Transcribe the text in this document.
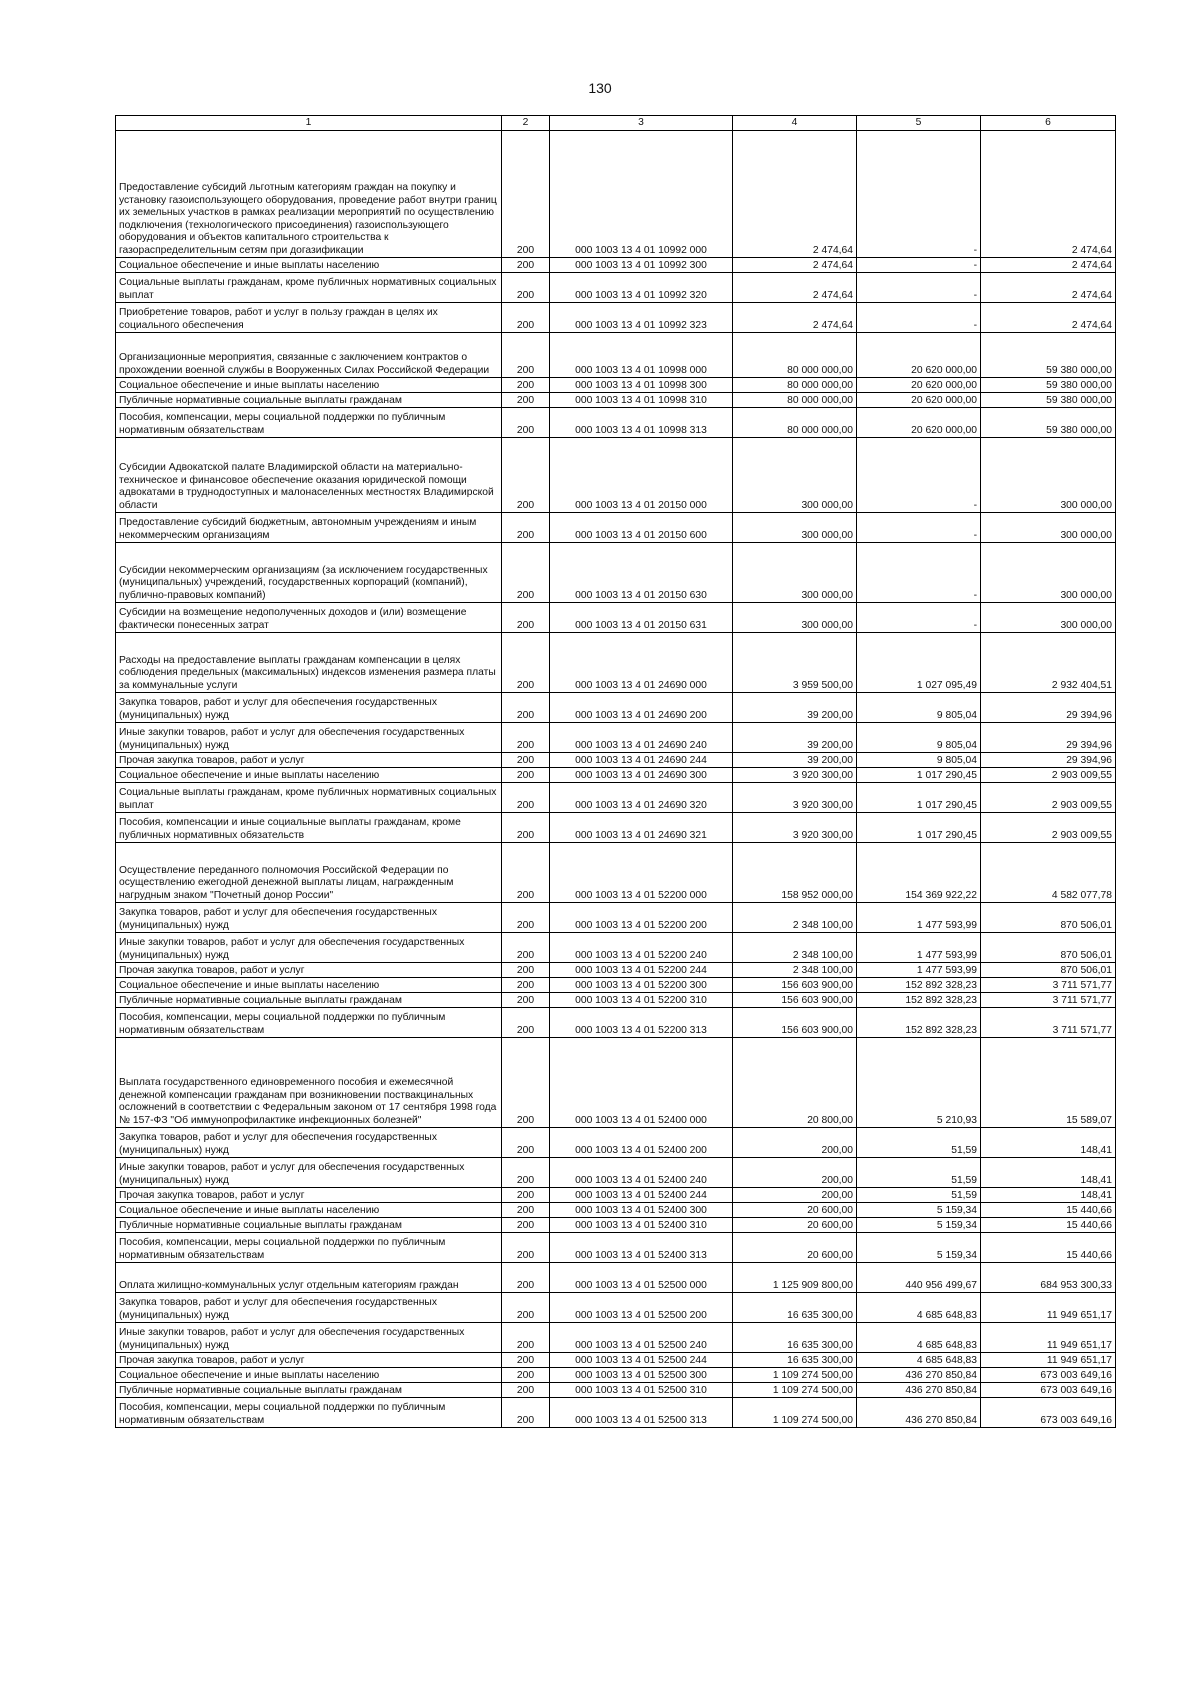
130
1	2	3	4	5	6
Предоставление субсидий льготным категориям граждан на покупку и установку газоиспользующего оборудования, проведение работ внутри границ их земельных участков в рамках реализации мероприятий по осуществлению подключения (технологического присоединения) газоиспользующего оборудования и объектов капитального строительства к газораспределительным сетям при догазификации	200	000 1003 13 4 01 10992 000	2 474,64	-	2 474,64
Социальное обеспечение и иные выплаты населению	200	000 1003 13 4 01 10992 300	2 474,64	-	2 474,64
Социальные выплаты гражданам, кроме публичных нормативных социальных выплат	200	000 1003 13 4 01 10992 320	2 474,64	-	2 474,64
Приобретение товаров, работ и услуг в пользу граждан в целях их социального обеспечения	200	000 1003 13 4 01 10992 323	2 474,64	-	2 474,64
Организационные мероприятия, связанные с заключением контрактов о прохождении военной службы в Вооруженных Силах Российской Федерации	200	000 1003 13 4 01 10998 000	80 000 000,00	20 620 000,00	59 380 000,00
Социальное обеспечение и иные выплаты населению	200	000 1003 13 4 01 10998 300	80 000 000,00	20 620 000,00	59 380 000,00
Публичные нормативные социальные выплаты гражданам	200	000 1003 13 4 01 10998 310	80 000 000,00	20 620 000,00	59 380 000,00
Пособия, компенсации, меры социальной поддержки по публичным нормативным обязательствам	200	000 1003 13 4 01 10998 313	80 000 000,00	20 620 000,00	59 380 000,00
Субсидии Адвокатской палате Владимирской области на материально-техническое и финансовое обеспечение оказания юридической помощи адвокатами в труднодоступных и малонаселенных местностях Владимирской области	200	000 1003 13 4 01 20150 000	300 000,00	-	300 000,00
Предоставление субсидий бюджетным, автономным учреждениям и иным некоммерческим организациям	200	000 1003 13 4 01 20150 600	300 000,00	-	300 000,00
Субсидии некоммерческим организациям (за исключением государственных (муниципальных) учреждений, государственных корпораций (компаний), публично-правовых компаний)	200	000 1003 13 4 01 20150 630	300 000,00	-	300 000,00
Субсидии на возмещение недополученных доходов и (или) возмещение фактически понесенных затрат	200	000 1003 13 4 01 20150 631	300 000,00	-	300 000,00
Расходы на предоставление выплаты гражданам компенсации в целях соблюдения предельных (максимальных) индексов изменения размера платы за коммунальные услуги	200	000 1003 13 4 01 24690 000	3 959 500,00	1 027 095,49	2 932 404,51
Закупка товаров, работ и услуг для обеспечения государственных (муниципальных) нужд	200	000 1003 13 4 01 24690 200	39 200,00	9 805,04	29 394,96
Иные закупки товаров, работ и услуг для обеспечения государственных (муниципальных) нужд	200	000 1003 13 4 01 24690 240	39 200,00	9 805,04	29 394,96
Прочая закупка товаров, работ и услуг	200	000 1003 13 4 01 24690 244	39 200,00	9 805,04	29 394,96
Социальное обеспечение и иные выплаты населению	200	000 1003 13 4 01 24690 300	3 920 300,00	1 017 290,45	2 903 009,55
Социальные выплаты гражданам, кроме публичных нормативных социальных выплат	200	000 1003 13 4 01 24690 320	3 920 300,00	1 017 290,45	2 903 009,55
Пособия, компенсации и иные социальные выплаты гражданам, кроме публичных нормативных обязательств	200	000 1003 13 4 01 24690 321	3 920 300,00	1 017 290,45	2 903 009,55
Осуществление переданного полномочия Российской Федерации по осуществлению ежегодной денежной выплаты лицам, награжденным нагрудным знаком "Почетный донор России"	200	000 1003 13 4 01 52200 000	158 952 000,00	154 369 922,22	4 582 077,78
Закупка товаров, работ и услуг для обеспечения государственных (муниципальных) нужд	200	000 1003 13 4 01 52200 200	2 348 100,00	1 477 593,99	870 506,01
Иные закупки товаров, работ и услуг для обеспечения государственных (муниципальных) нужд	200	000 1003 13 4 01 52200 240	2 348 100,00	1 477 593,99	870 506,01
Прочая закупка товаров, работ и услуг	200	000 1003 13 4 01 52200 244	2 348 100,00	1 477 593,99	870 506,01
Социальное обеспечение и иные выплаты населению	200	000 1003 13 4 01 52200 300	156 603 900,00	152 892 328,23	3 711 571,77
Публичные нормативные социальные выплаты гражданам	200	000 1003 13 4 01 52200 310	156 603 900,00	152 892 328,23	3 711 571,77
Пособия, компенсации, меры социальной поддержки по публичным нормативным обязательствам	200	000 1003 13 4 01 52200 313	156 603 900,00	152 892 328,23	3 711 571,77
Выплата государственного единовременного пособия и ежемесячной денежной компенсации гражданам при возникновении поствакцинальных осложнений в соответствии с Федеральным законом от 17 сентября 1998 года № 157-ФЗ "Об иммунопрофилактике инфекционных болезней"	200	000 1003 13 4 01 52400 000	20 800,00	5 210,93	15 589,07
Закупка товаров, работ и услуг для обеспечения государственных (муниципальных) нужд	200	000 1003 13 4 01 52400 200	200,00	51,59	148,41
Иные закупки товаров, работ и услуг для обеспечения государственных (муниципальных) нужд	200	000 1003 13 4 01 52400 240	200,00	51,59	148,41
Прочая закупка товаров, работ и услуг	200	000 1003 13 4 01 52400 244	200,00	51,59	148,41
Социальное обеспечение и иные выплаты населению	200	000 1003 13 4 01 52400 300	20 600,00	5 159,34	15 440,66
Публичные нормативные социальные выплаты гражданам	200	000 1003 13 4 01 52400 310	20 600,00	5 159,34	15 440,66
Пособия, компенсации, меры социальной поддержки по публичным нормативным обязательствам	200	000 1003 13 4 01 52400 313	20 600,00	5 159,34	15 440,66
Оплата жилищно-коммунальных услуг отдельным категориям граждан	200	000 1003 13 4 01 52500 000	1 125 909 800,00	440 956 499,67	684 953 300,33
Закупка товаров, работ и услуг для обеспечения государственных (муниципальных) нужд	200	000 1003 13 4 01 52500 200	16 635 300,00	4 685 648,83	11 949 651,17
Иные закупки товаров, работ и услуг для обеспечения государственных (муниципальных) нужд	200	000 1003 13 4 01 52500 240	16 635 300,00	4 685 648,83	11 949 651,17
Прочая закупка товаров, работ и услуг	200	000 1003 13 4 01 52500 244	16 635 300,00	4 685 648,83	11 949 651,17
Социальное обеспечение и иные выплаты населению	200	000 1003 13 4 01 52500 300	1 109 274 500,00	436 270 850,84	673 003 649,16
Публичные нормативные социальные выплаты гражданам	200	000 1003 13 4 01 52500 310	1 109 274 500,00	436 270 850,84	673 003 649,16
Пособия, компенсации, меры социальной поддержки по публичным нормативным обязательствам	200	000 1003 13 4 01 52500 313	1 109 274 500,00	436 270 850,84	673 003 649,16
